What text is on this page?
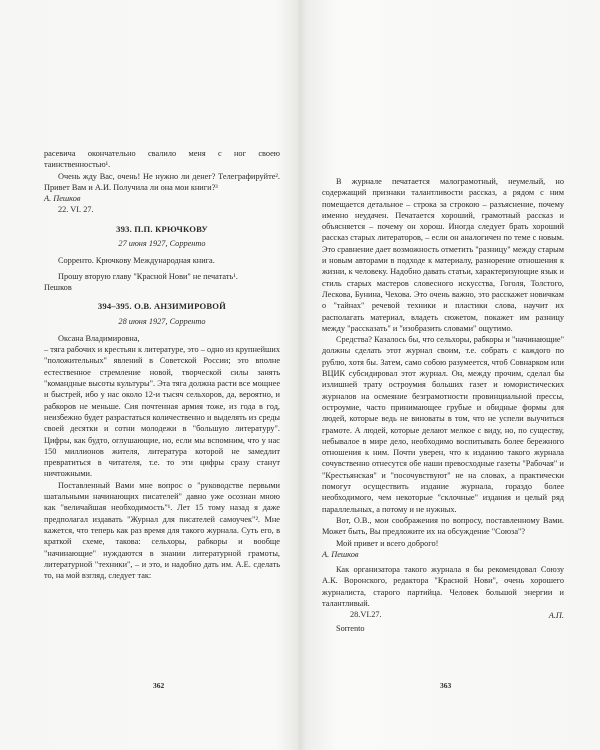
расевича окончательно свалило меня с ног своею таинственностью¹.

Очень жду Вас, очень! Не нужно ли денег? Телеграфируйте². Привет Вам и А.И. Получила ли она мои книги?³

А. Пешков

22. VI. 27.

393. П.П. КРЮЧКОВУ
27 июня 1927, Сорренто

Сорренто. Крючкову Международная книга.

Прошу вторую главу "Красной Нови" не печатать¹.

Пешков

394–395. О.В. АНЗИМИРОВОЙ
28 июня 1927, Сорренто

Оксана Владимировна,

– тяга рабочих и крестьян к литературе, это – одно из крупнейших "положительных" явлений в Советской России; это вполне естественное стремление новой, творческой силы занять "командные высоты культуры". Эта тяга должна расти все мощнее и быстрей, ибо у нас около 12-и тысяч сельхоров, да, вероятно, и рабкоров не меньше. Сия почтенная армия тоже, из года в год, неизбежно будет разрастаться количественно и выделять из среды своей десятки и сотни молодежи в "большую литературу". Цифры, как будто, оглушающие, но, если мы вспомним, что у нас 150 миллионов жителя, литература которой не замедлит превратиться в читателя, т.е. то эти цифры сразу станут ничтожными.

Поставленный Вами мне вопрос о "руководстве первыми шатальными начинающих писателей" давно уже осознан мною как "величайшая необходимость"¹. Лет 15 тому назад я даже предполагал издавать "Журнал для писателей самоучек"². Мне кажется, что теперь как раз время для такого журнала. Суть его, в краткой схеме, такова: сельхоры, рабкоры и вообще "начинающие" нуждаются в знании литературной грамоты, литературной "техники", – и это, и надобно дать им. А.Е. сделать то, на мой взгляд, следует так:

362

В журнале печатается малограмотный, неумелый, но содержащий признаки талантливости рассказ, а рядом с ним помещается детальное – строка за строкою – разъяснение, почему именно неудачен. Печатается хороший, грамотный рассказ и объясняется – почему он хорош. Иногда следует брать хороший рассказ старых литераторов, – если он аналогичен по теме с новым. Это сравнение дает возможность отметить "разницу" между старым и новым авторами в подходе к материалу, разнорение отношения к жизни, к человеку. Надобно давать статьи, характеризующие язык и стиль старых мастеров словесного искусства, Гоголя, Толстого, Лескова, Бунина, Чехова. Это очень важно, это расскажет новичкам о "тайнах" речевой техники и пластики слова, научит их располагать материал, владеть сюжетом, покажет им разницу между "рассказать" и "изобразить словами" ощутимо.

Средства? Казалось бы, что сельхоры, рабкоры и "начинающие" должны сделать этот журнал своим, т.е. собрать с каждого по рублю, хотя бы. Затем, само собою разумеется, чтоб Совнарком или ВЦИК субсидировал этот журнал. Он, между прочим, сделал бы излишней трату остроумия больших газет и юмористических журналов на осмеяние безграмотности провинциальной прессы, остроумие, часто принимающее грубые и обидные формы для людей, которые ведь не виноваты в том, что не успели выучиться грамоте. А людей, которые делают мелкое с виду, но, по существу, небывалое в мире дело, необходимо воспитывать более бережного отношения к ним. Почти уверен, что к изданию такого журнала сочувственно отнесутся обе наши превосходные газеты "Рабочая" и "Крестьянская" и "посочувствуют" не на словах, а практически помогут осуществить издание журнала, гораздо более необходимого, чем некоторые "склочные" издания и целый ряд параллельных, а потому и не нужных.

Вот, О.В., мои соображения по вопросу, поставленному Вами. Может быть, Вы предложите их на обсуждение "Союза"?

Мой привет и всего доброго!

А. Пешков

Как организатора такого журнала я бы рекомендовал Союзу А.К. Воронского, редактора "Красной Нови", очень хорошего журналиста, старого партийца. Человек большой энергии и талантливый.

28.VI.27.	А.П.

Sorrento

363
